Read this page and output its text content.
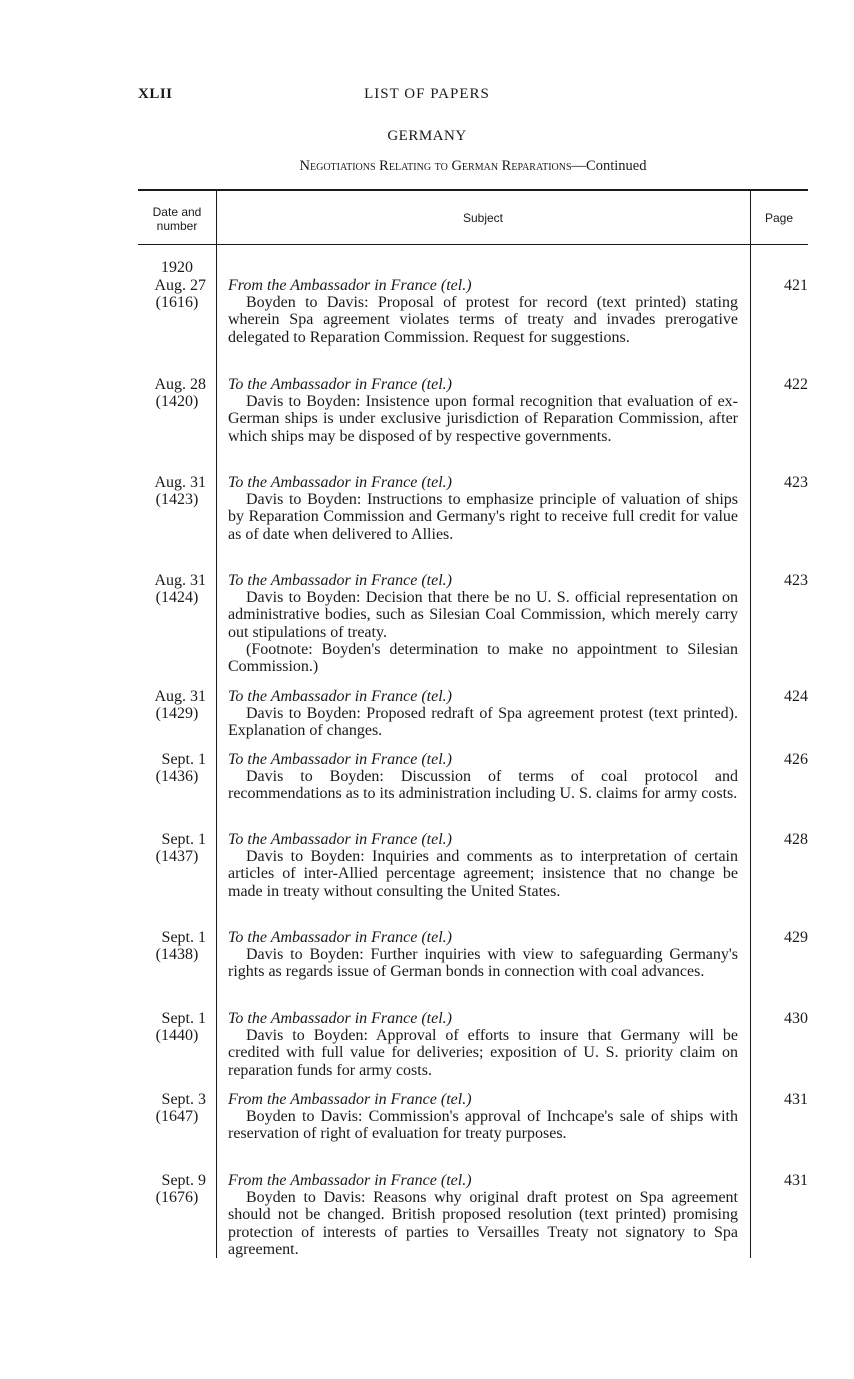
XLII	LIST OF PAPERS
GERMANY
Negotiations Relating to German Reparations—Continued
Date and number
Subject	Page
1920
Aug. 27
(1616)
From the Ambassador in France (tel.)
Boyden to Davis: Proposal of protest for record (text printed) stating wherein Spa agreement violates terms of treaty and invades prerogative delegated to Reparation Commission. Request for suggestions.
421
Aug. 28
(1420)
To the Ambassador in France (tel.)
Davis to Boyden: Insistence upon formal recognition that evaluation of ex-German ships is under exclusive jurisdiction of Reparation Commission, after which ships may be disposed of by respective governments.
422
Aug. 31
(1423)
To the Ambassador in France (tel.)
Davis to Boyden: Instructions to emphasize principle of valuation of ships by Reparation Commission and Germany's right to receive full credit for value as of date when delivered to Allies.
423
Aug. 31
(1424)
To the Ambassador in France (tel.)
Davis to Boyden: Decision that there be no U. S. official representation on administrative bodies, such as Silesian Coal Commission, which merely carry out stipulations of treaty.
(Footnote: Boyden's determination to make no appointment to Silesian Commission.)
423
Aug. 31
(1429)
To the Ambassador in France (tel.)
Davis to Boyden: Proposed redraft of Spa agreement protest (text printed). Explanation of changes.
424
Sept. 1
(1436)
To the Ambassador in France (tel.)
Davis to Boyden: Discussion of terms of coal protocol and recommendations as to its administration including U. S. claims for army costs.
426
Sept. 1
(1437)
To the Ambassador in France (tel.)
Davis to Boyden: Inquiries and comments as to interpretation of certain articles of inter-Allied percentage agreement; insistence that no change be made in treaty without consulting the United States.
428
Sept. 1
(1438)
To the Ambassador in France (tel.)
Davis to Boyden: Further inquiries with view to safeguarding Germany's rights as regards issue of German bonds in connection with coal advances.
429
Sept. 1
(1440)
To the Ambassador in France (tel.)
Davis to Boyden: Approval of efforts to insure that Germany will be credited with full value for deliveries; exposition of U. S. priority claim on reparation funds for army costs.
430
Sept. 3
(1647)
From the Ambassador in France (tel.)
Boyden to Davis: Commission's approval of Inchcape's sale of ships with reservation of right of evaluation for treaty purposes.
431
Sept. 9
(1676)
From the Ambassador in France (tel.)
Boyden to Davis: Reasons why original draft protest on Spa agreement should not be changed. British proposed resolution (text printed) promising protection of interests of parties to Versailles Treaty not signatory to Spa agreement.
431
